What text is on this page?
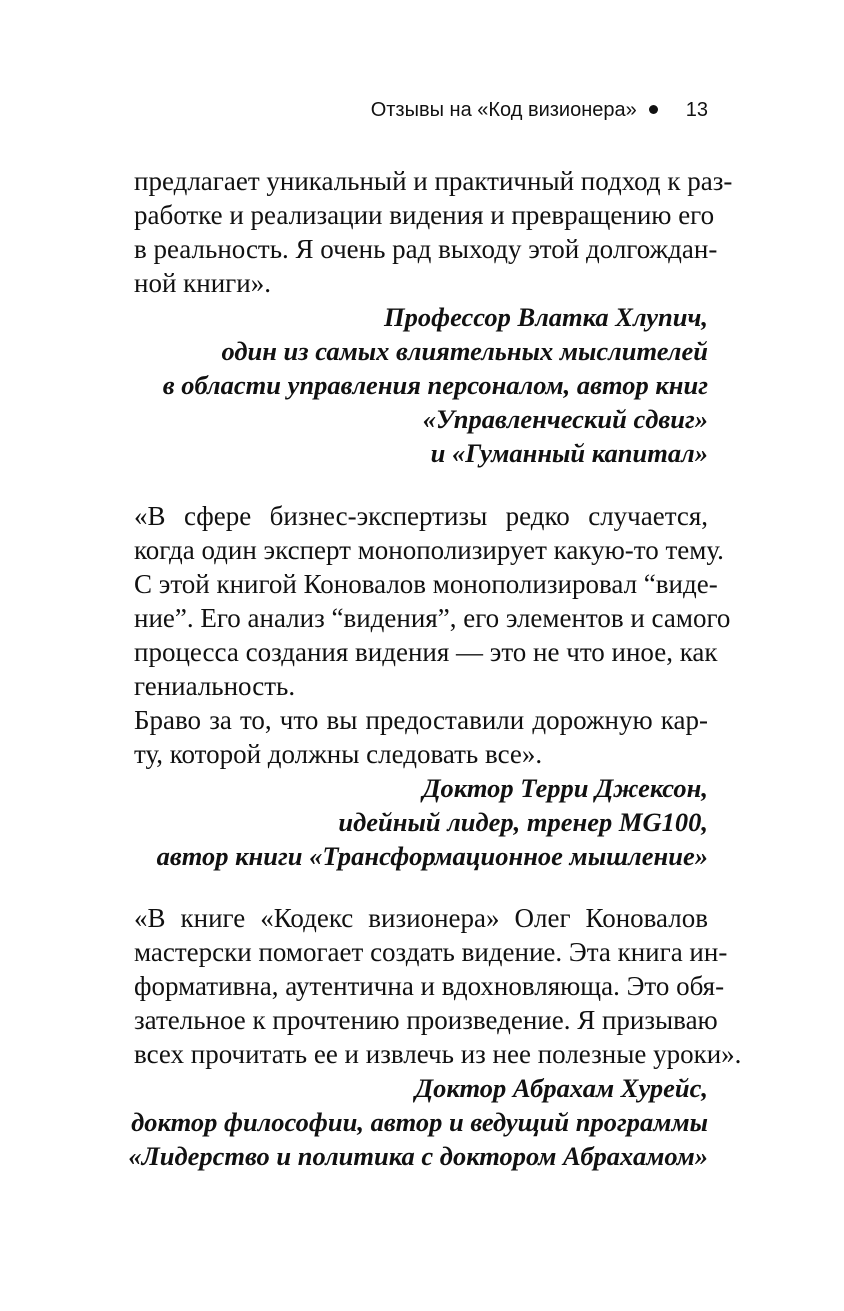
Отзывы на «Код визионера» 13
предлагает уникальный и практичный подход к раз-
работке и реализации видения и превращению его
в реальность. Я очень рад выходу этой долгождан-
ной книги».
Профессор Влатка Хлупич,
один из самых влиятельных мыслителей
в области управления персоналом, автор книг
«Управленческий сдвиг»
и «Гуманный капитал»
«В сфере бизнес-экспертизы редко случается,
когда один эксперт монополизирует какую-то тему.
С этой книгой Коновалов монополизировал “виде-
ние”. Его анализ “видения”, его элементов и самого
процесса создания видения — это не что иное, как
гениальность.
Браво за то, что вы предоставили дорожную кар-
ту, которой должны следовать все».
Доктор Терри Джексон,
идейный лидер, тренер MG100,
автор книги «Трансформационное мышление»
«В книге «Кодекс визионера» Олег Коновалов
мастерски помогает создать видение. Эта книга ин-
формативна, аутентична и вдохновляюща. Это обя-
зательное к прочтению произведение. Я призываю
всех прочитать ее и извлечь из нее полезные уроки».
Доктор Абрахам Хурейс,
доктор философии, автор и ведущий программы
«Лидерство и политика с доктором Абрахамом»
